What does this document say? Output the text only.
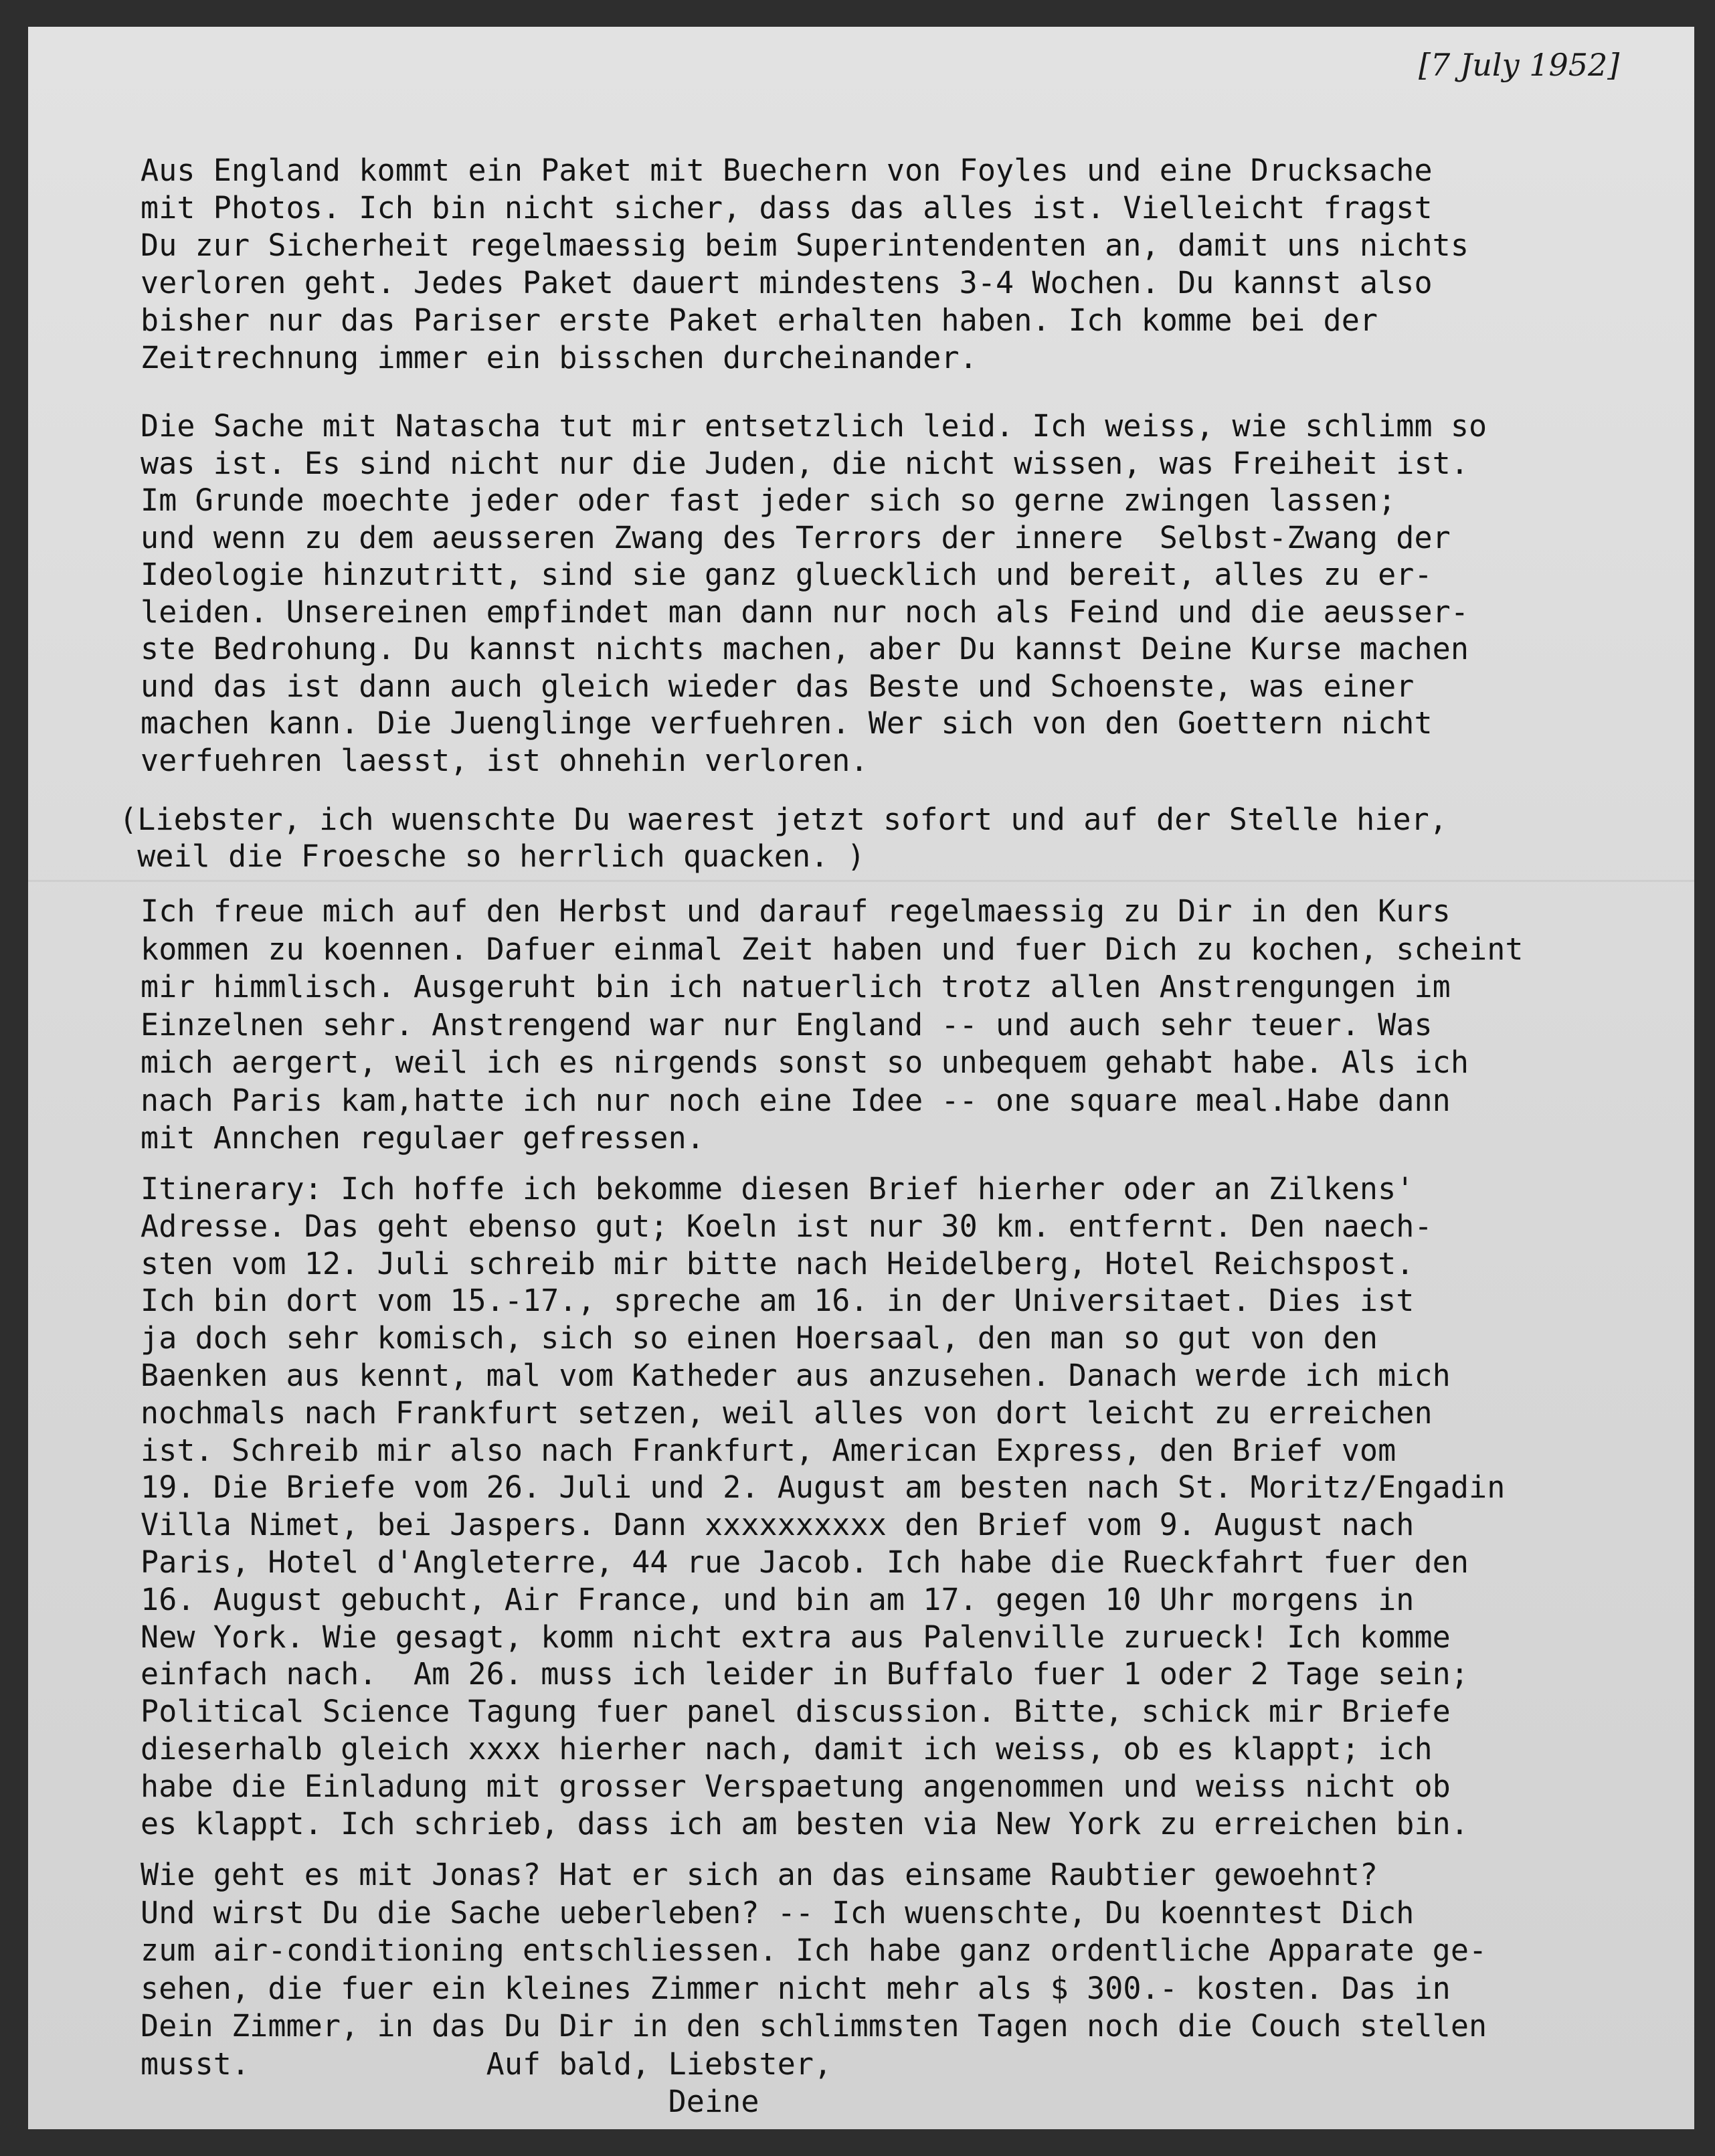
[7 July 1952]
Aus England kommt ein Paket mit Buechern von Foyles und eine Drucksache
mit Photos. Ich bin nicht sicher, dass das alles ist. Vielleicht fragst
Du zur Sicherheit regelmaessig beim Superintendenten an, damit uns nichts
verloren geht. Jedes Paket dauert mindestens 3-4 Wochen. Du kannst also
bisher nur das Pariser erste Paket erhalten haben. Ich komme bei der
Zeitrechnung immer ein bisschen durcheinander.
Die Sache mit Natascha tut mir entsetzlich leid. Ich weiss, wie schlimm so
was ist. Es sind nicht nur die Juden, die nicht wissen, was Freiheit ist.
Im Grunde moechte jeder oder fast jeder sich so gerne zwingen lassen;
und wenn zu dem aeusseren Zwang des Terrors der innere  Selbst-Zwang der
Ideologie hinzutritt, sind sie ganz gluecklich und bereit, alles zu er-
leiden. Unsereinen empfindet man dann nur noch als Feind und die aeusser-
ste Bedrohung. Du kannst nichts machen, aber Du kannst Deine Kurse machen
und das ist dann auch gleich wieder das Beste und Schoenste, was einer
machen kann. Die Juenglinge verfuehren. Wer sich von den Goettern nicht
verfuehren laesst, ist ohnehin verloren.
(Liebster, ich wuenschte Du waerest jetzt sofort und auf der Stelle hier,
weil die Froesche so herrlich quacken. )
Ich freue mich auf den Herbst und darauf regelmaessig zu Dir in den Kurs
kommen zu koennen. Dafuer einmal Zeit haben und fuer Dich zu kochen, scheint
mir himmlisch. Ausgeruht bin ich natuerlich trotz allen Anstrengungen im
Einzelnen sehr. Anstrengend war nur England -- und auch sehr teuer. Was
mich aergert, weil ich es nirgends sonst so unbequem gehabt habe. Als ich
nach Paris kam,hatte ich nur noch eine Idee -- one square meal.Habe dann
mit Annchen regulaer gefressen.
Itinerary: Ich hoffe ich bekomme diesen Brief hierher oder an Zilkens'
Adresse. Das geht ebenso gut; Koeln ist nur 30 km. entfernt. Den naech-
sten vom 12. Juli schreib mir bitte nach Heidelberg, Hotel Reichspost.
Ich bin dort vom 15.-17., spreche am 16. in der Universitaet. Dies ist
ja doch sehr komisch, sich so einen Hoersaal, den man so gut von den
Baenken aus kennt, mal vom Katheder aus anzusehen. Danach werde ich mich
nochmals nach Frankfurt setzen, weil alles von dort leicht zu erreichen
ist. Schreib mir also nach Frankfurt, American Express, den Brief vom
19. Die Briefe vom 26. Juli und 2. August am besten nach St. Moritz/Engadin
Villa Nimet, bei Jaspers. Dann xxxxxxxxxx den Brief vom 9. August nach
Paris, Hotel d'Angleterre, 44 rue Jacob. Ich habe die Rueckfahrt fuer den
16. August gebucht, Air France, und bin am 17. gegen 10 Uhr morgens in
New York. Wie gesagt, komm nicht extra aus Palenville zurueck! Ich komme
einfach nach.  Am 26. muss ich leider in Buffalo fuer 1 oder 2 Tage sein;
Political Science Tagung fuer panel discussion. Bitte, schick mir Briefe
dieserhalb gleich xxxx hierher nach, damit ich weiss, ob es klappt; ich
habe die Einladung mit grosser Verspaetung angenommen und weiss nicht ob
es klappt. Ich schrieb, dass ich am besten via New York zu erreichen bin.
Wie geht es mit Jonas? Hat er sich an das einsame Raubtier gewoehnt?
Und wirst Du die Sache ueberleben? -- Ich wuenschte, Du koenntest Dich
zum air-conditioning entschliessen. Ich habe ganz ordentliche Apparate ge-
sehen, die fuer ein kleines Zimmer nicht mehr als $ 300.- kosten. Das in
Dein Zimmer, in das Du Dir in den schlimmsten Tagen noch die Couch stellen
musst.             Auf bald, Liebster,
Deine
